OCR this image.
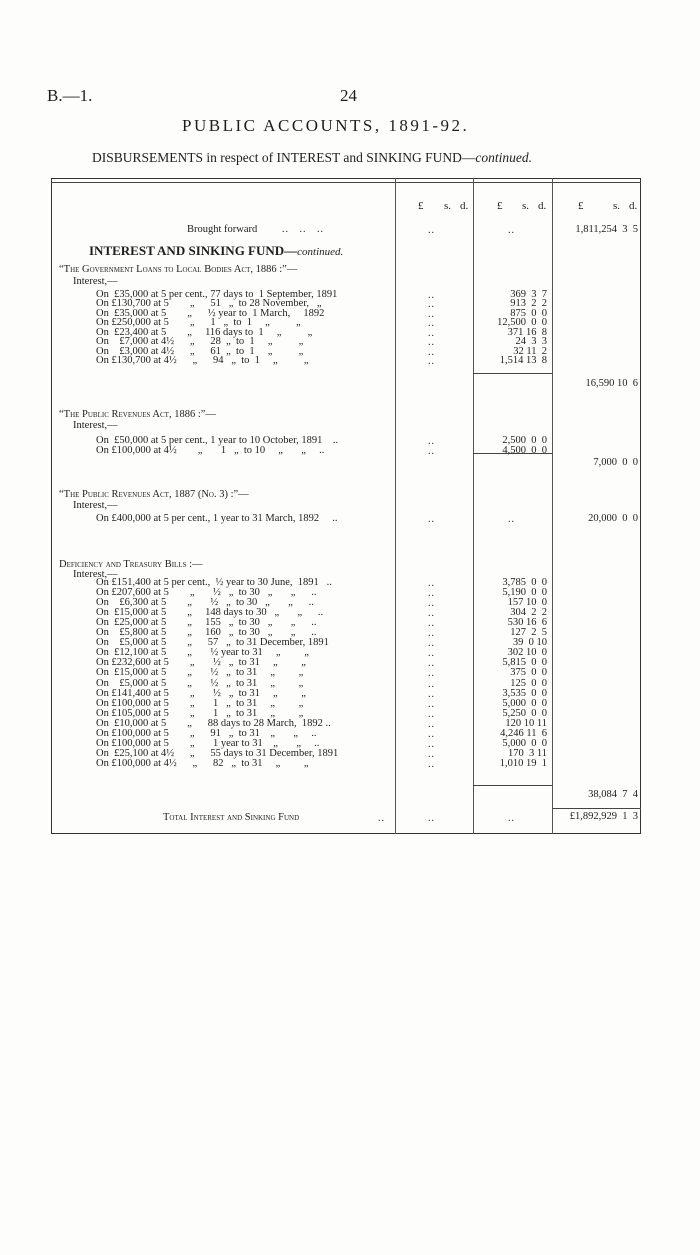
B.—1.	24
PUBLIC ACCOUNTS, 1891-92.
DISBURSEMENTS in respect of INTEREST and SINKING FUND—continued.
£ s. d.	£ s. d.	£	s. d.
Brought forward ..   ..   ..	..	..	1,811,254  3  5
INTEREST AND SINKING FUND—continued.
“The Government Loans to Local Bodies Act, 1886 :”—
Interest,—
On  £35,000 at 5 per cent., 77 days to  1 September, 1891	..	369  3  7
On £130,700 at 5        „      51   „  to 28 November,   „	..	913  2  2
On  £35,000 at 5        „      ½ year to  1 March,     1892	..	875  0  0
On £250,000 at 5        „      1   „  to  1     „          „	..	12,500  0  0
On  £23,400 at 5        „     116 days to  1     „          „	..	371 16  8
On    £7,000 at 4½      „      28  „  to  1     „          „	..	24  3  3
On    £3,000 at 4½      „      61  „  to  1     „          „	..	32 11  2
On £130,700 at 4½      „      94   „  to  1     „          „	..	1,514 13  8
16,590 10  6
“The Public Revenues Act, 1886 :”—
Interest,—
On  £50,000 at 5 per cent., 1 year to 10 October, 1891    ..	..	2,500  0  0
On £100,000 at 4½        „       1   „  to 10     „       „     ..	..	4,500  0  0
7,000  0  0
“The Public Revenues Act, 1887 (No. 3) :”—
Interest,—
On £400,000 at 5 per cent., 1 year to 31 March, 1892     ..	..	..	20,000  0  0
Deficiency and Treasury Bills :—
Interest,—
On £151,400 at 5 per cent.,  ½ year to 30 June,  1891   ..	..	3,785  0  0
On £207,600 at 5        „       ½   „  to 30   „       „      ..	..	5,190  0  0
On    £6,300 at 5        „       ½   „  to 30   „       „      ..	..	157 10  0
On  £15,000 at 5        „     148 days to 30   „       „      ..	..	304  2  2
On  £25,000 at 5        „     155   „  to 30   „       „      ..	..	530 16  6
On    £5,800 at 5        „     160   „  to 30   „       „      ..	..	127  2  5
On    £5,000 at 5        „      57   „  to 31 December, 1891	..	39  0 10
On  £12,100 at 5        „       ½ year to 31     „         „	..	302 10  0
On £232,600 at 5        „       ½   „  to 31     „         „	..	5,815  0  0
On  £15,000 at 5        „       ½   „  to 31     „         „	..	375  0  0
On    £5,000 at 5        „       ½   „  to 31     „         „	..	125  0  0
On £141,400 at 5        „       ½   „  to 31     „         „	..	3,535  0  0
On £100,000 at 5        „       1   „  to 31     „         „	..	5,000  0  0
On £105,000 at 5        „       1   „  to 31     „         „	..	5,250  0  0
On  £10,000 at 5        „      88 days to 28 March,  1892 ..	..	120 10 11
On £100,000 at 5        „      91   „  to 31    „       „     ..	..	4,246 11  6
On £100,000 at 5        „       1 year to 31    „       „     ..	..	5,000  0  0
On  £25,100 at 4½      „      55 days to 31 December, 1891	..	170  3 11
On £100,000 at 4½      „      82   „  to 31     „         „	..	1,010 19  1
38,084  7  4
Total Interest and Sinking Fund	..	..	..	£1,892,929  1  3
